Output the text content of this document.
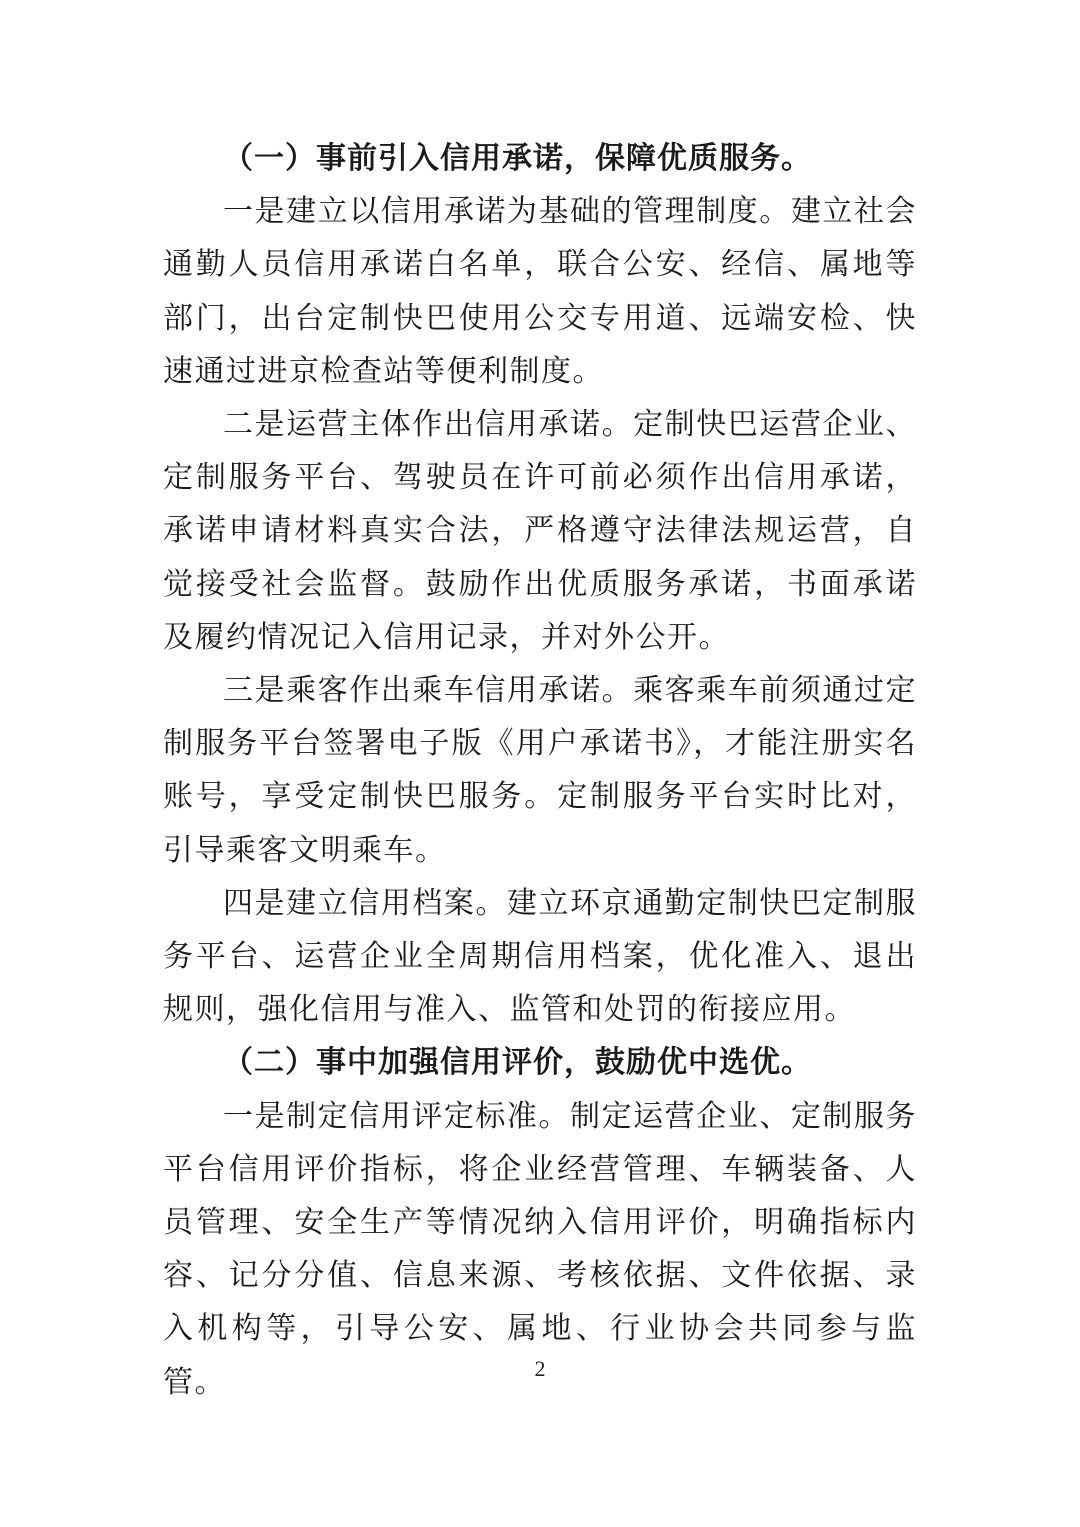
（一）事前引入信用承诺，保障优质服务。

一是建立以信用承诺为基础的管理制度。建立社会通勤人员信用承诺白名单，联合公安、经信、属地等部门，出台定制快巴使用公交专用道、远端安检、快速通过进京检查站等便利制度。

二是运营主体作出信用承诺。定制快巴运营企业、定制服务平台、驾驶员在许可前必须作出信用承诺，承诺申请材料真实合法，严格遵守法律法规运营，自觉接受社会监督。鼓励作出优质服务承诺，书面承诺及履约情况记入信用记录，并对外公开。

三是乘客作出乘车信用承诺。乘客乘车前须通过定制服务平台签署电子版《用户承诺书》，才能注册实名账号，享受定制快巴服务。定制服务平台实时比对，引导乘客文明乘车。

四是建立信用档案。建立环京通勤定制快巴定制服务平台、运营企业全周期信用档案，优化准入、退出规则，强化信用与准入、监管和处罚的衔接应用。

（二）事中加强信用评价，鼓励优中选优。

一是制定信用评定标准。制定运营企业、定制服务平台信用评价指标，将企业经营管理、车辆装备、人员管理、安全生产等情况纳入信用评价，明确指标内容、记分分值、信息来源、考核依据、文件依据、录入机构等，引导公安、属地、行业协会共同参与监管。	2
